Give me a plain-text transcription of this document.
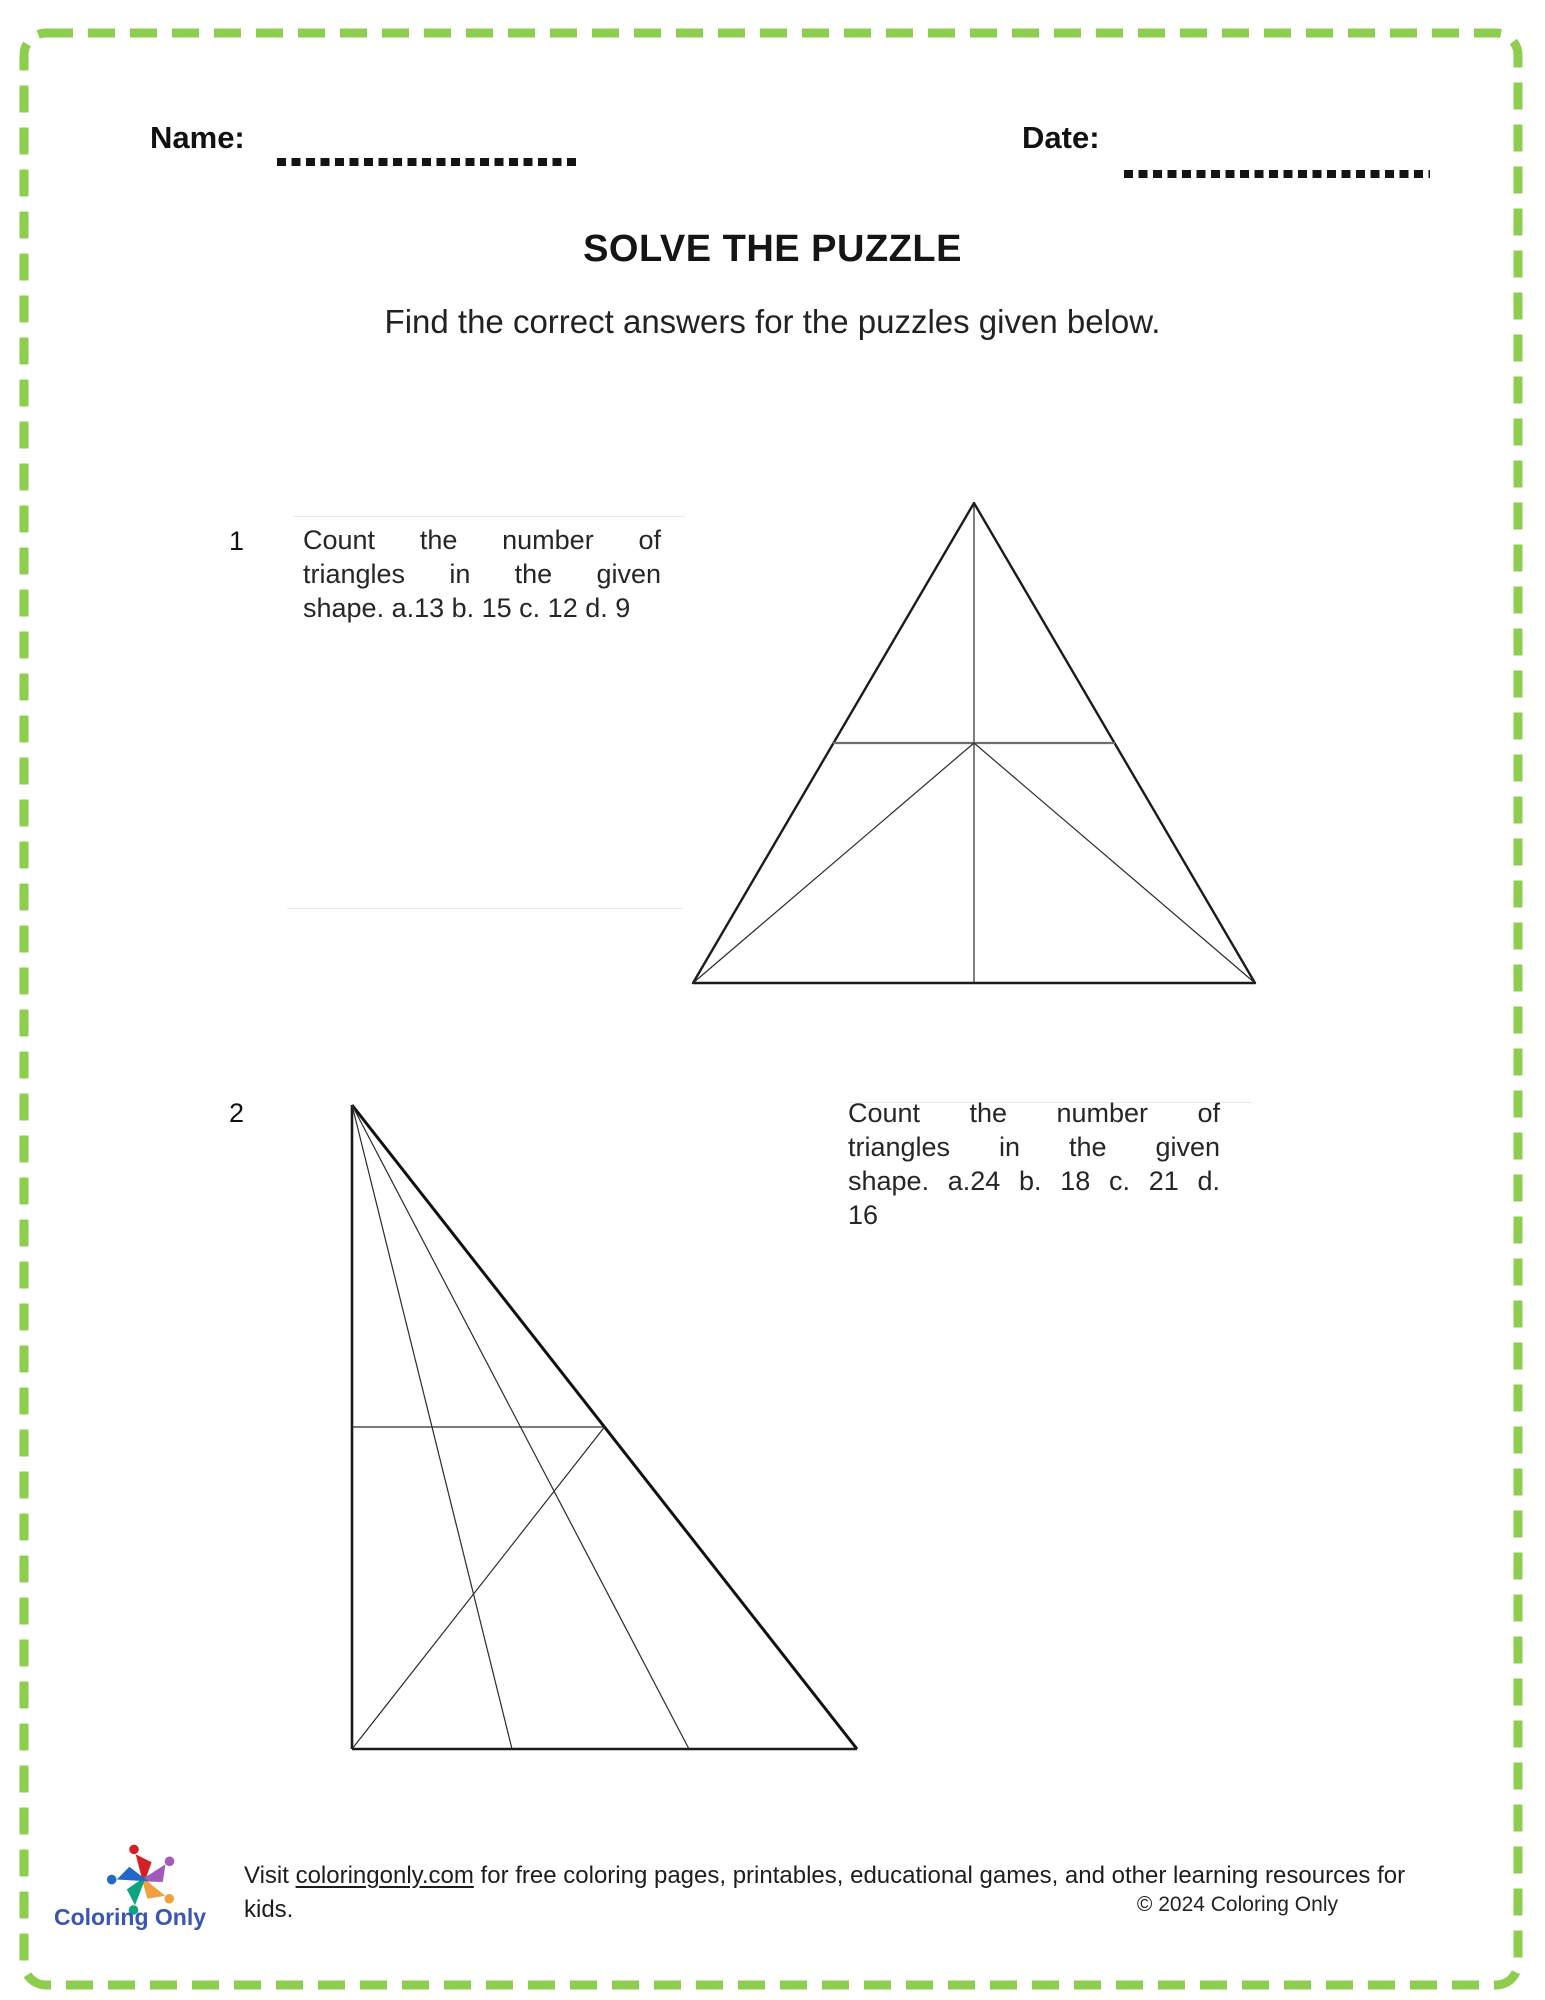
Name:	Date:
SOLVE THE PUZZLE
Find the correct answers for the puzzles given below.
1 Count the number of
triangles in the given
shape. a.13 b. 15 c. 12 d. 9
2	Count the number of
triangles in the given
shape. a.24 b. 18 c. 21 d.
16
Coloring Only
Visit coloringonly.com for free coloring pages, printables, educational games, and other learning resources for
kids.	© 2024 Coloring Only
